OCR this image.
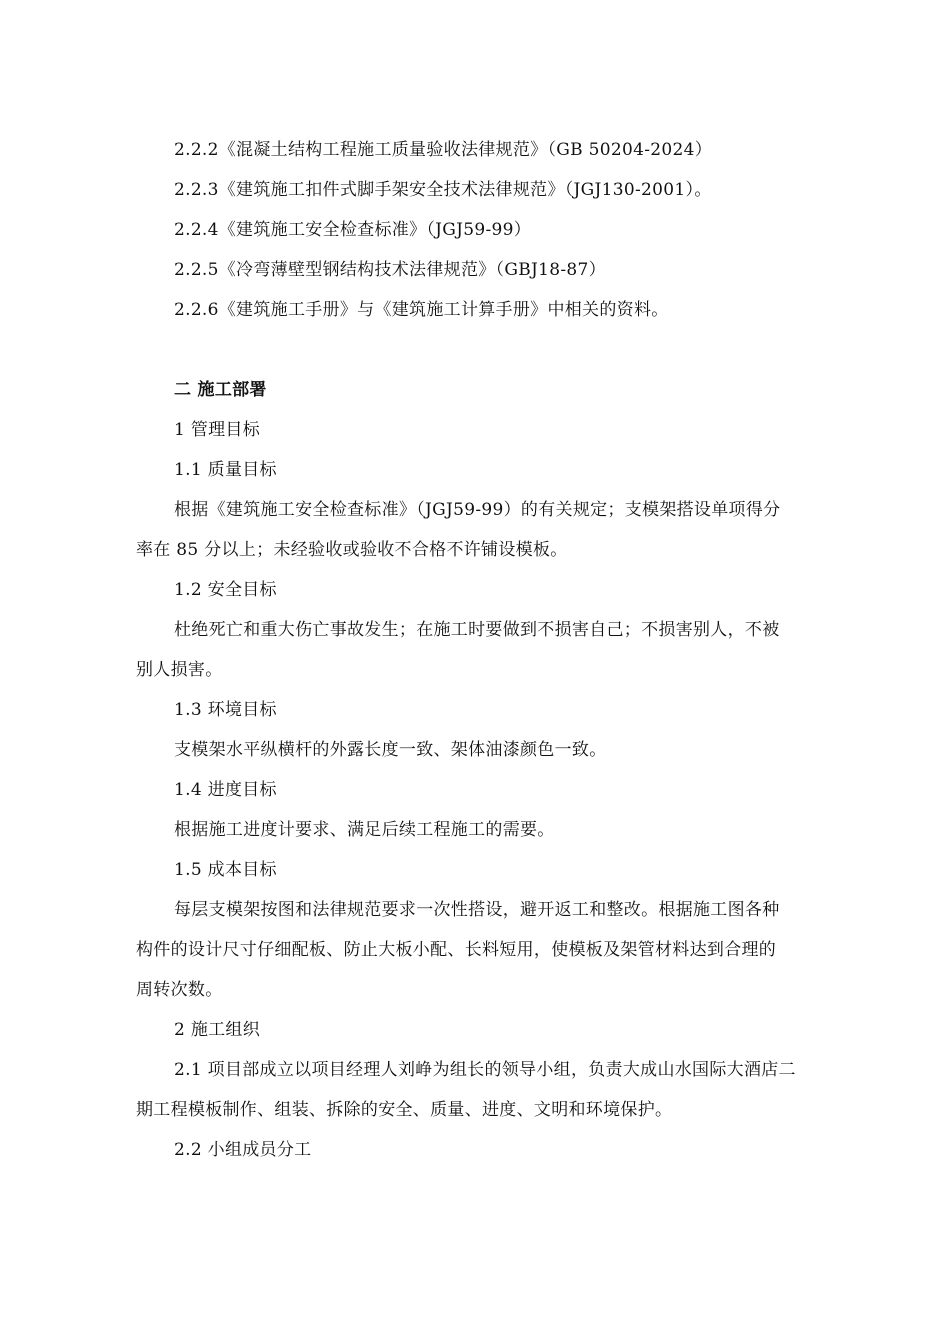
2.2.2《混凝土结构工程施工质量验收法律规范》（GB 50204-2024）
2.2.3《建筑施工扣件式脚手架安全技术法律规范》（JGJ130-2001）。
2.2.4《建筑施工安全检查标准》（JGJ59-99）
2.2.5《冷弯薄壁型钢结构技术法律规范》（GBJ18-87）
2.2.6《建筑施工手册》与《建筑施工计算手册》中相关的资料。
二 施工部署
1 管理目标
1.1 质量目标
根据《建筑施工安全检查标准》（JGJ59-99）的有关规定；支模架搭设单项得分
率在 85 分以上；未经验收或验收不合格不许铺设模板。
1.2 安全目标
杜绝死亡和重大伤亡事故发生；在施工时要做到不损害自己；不损害别人，不被
别人损害。
1.3 环境目标
支模架水平纵横杆的外露长度一致、架体油漆颜色一致。
1.4 进度目标
根据施工进度计要求、满足后续工程施工的需要。
1.5 成本目标
每层支模架按图和法律规范要求一次性搭设，避开返工和整改。根据施工图各种
构件的设计尺寸仔细配板、防止大板小配、长料短用，使模板及架管材料达到合理的
周转次数。
2 施工组织
2.1 项目部成立以项目经理人刘峥为组长的领导小组，负责大成山水国际大酒店二
期工程模板制作、组装、拆除的安全、质量、进度、文明和环境保护。
2.2 小组成员分工
